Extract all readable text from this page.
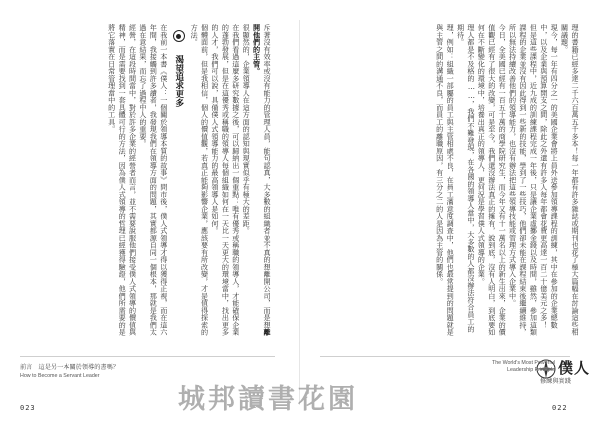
斥著沒有效率或沒有能力的管理人員，能句認真，大多數的組織者並不真的想離開公司，而是想離開他們的主管。

很顯然的，企業領導人在這方面的認知與現實似乎有極大的差距。

在我們看過這麼多研究數據之後，可以歸納出一個重點：唯有優秀或稱職的領導人，才能確保企業的蓬勃發展，但是在這優秀或稱職的領導人每個組織如何在一天比一天更大的環境當中，找出更多的人才，我們可以說，具備僕人式領導能力的最高領導人是如何。

個體面前，但是我相信，個人的價值觀，若真正能夠影響企業，應該要有所改變，才是值得探索的方法。

渴望追求更多

在我前一本書《僕人：一個關於領導本質的故事》問市後，僕人式領導才得以獲得正視，而在這六年間，我接觸到許多讀者，我發現我們在領導方面的問題，其實都源自同一個根本，那就是我們太過在意結果，而忘了過程中人的重要。

經營，在這段時間當中，對於許多企業的經營者而言，並不需要說服他們接受僕人式領導的價值與精神，而是需要找到一套具體可行的方法，因為僕人式領導的哲理已經獲得驗證，他們所需要的是將它落實在日常管理當中的工具。

前言　這是另一本關於領導的書嗎？
How to Become a Servant Leader
023

理的書籍已經多達二千六百萬五千多本！每一年都有許多雜誌或期刊也花了極大篇幅在討論這些相關議題。

現今，每一年有四分之一的美國企業會將上員外送參加領導課程的訓練，其中在參加的企業總數中，以及企業與預算開支之間，除此之外還有許多人每年都會花費更高達一百二十億美元之多！

但是這些課程中，近九成的訓練課程完成一年後，只是讓企業虛擲金錢以及時間，雖然，參加這類課程的企業並沒有因此得到一些新的技能，學到了一些技巧，他們卻未能在課程結束後繼續維持，所以無法持續改善他們的領導能力，也沒有辦法把這些領導技能或管理方式導入企業中。

今日，全美國已經有一百五十萬的商學院研究生，而今年又有十一萬名以上的新生出來，企業的價值觀已經有了很大的改變，可是至今，我們還沒辦法真正的擁有，說到底，沒有人明白，到底要如何在不斷變化的環境中，培養出真正的領導人，更何況是學習僕人式領導的企業。

理人都是不及格的……，我們不難發現，在各國的領導人當中，大多數的人都沒辦法符合員工的期待。

理，例如：組織一部屬的員工與主管相處不良，在員工滿意度調查中，他們也最常提到的問題就是與主管之間的溝通不良，而員工的離職原因，有三分之二的人是因為主管的關係。

僕人
The World's Most Powerful
Leadership Principle
修練與實踐
022
城邦讀書花園
